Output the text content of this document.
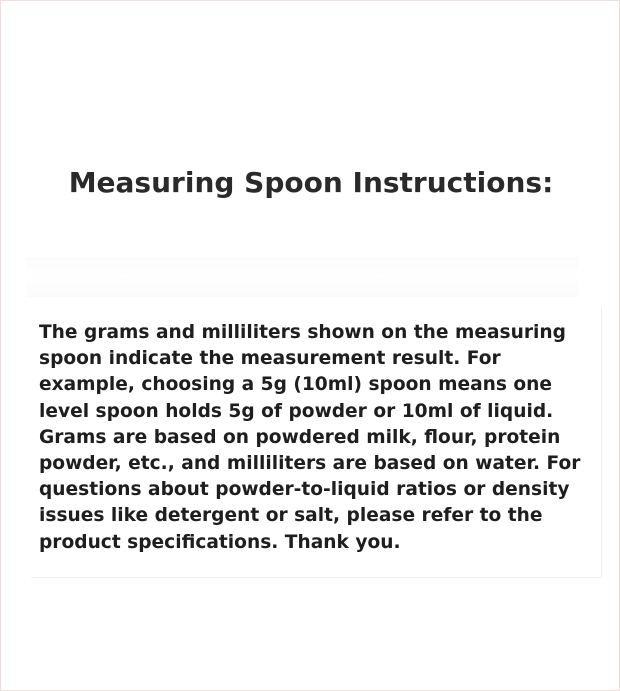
Measuring Spoon Instructions:

The grams and milliliters shown on the measuring spoon indicate the measurement result. For example, choosing a 5g (10ml) spoon means one level spoon holds 5g of powder or 10ml of liquid. Grams are based on powdered milk, flour, protein powder, etc., and milliliters are based on water. For questions about powder-to-liquid ratios or density issues like detergent or salt, please refer to the product specifications. Thank you.
